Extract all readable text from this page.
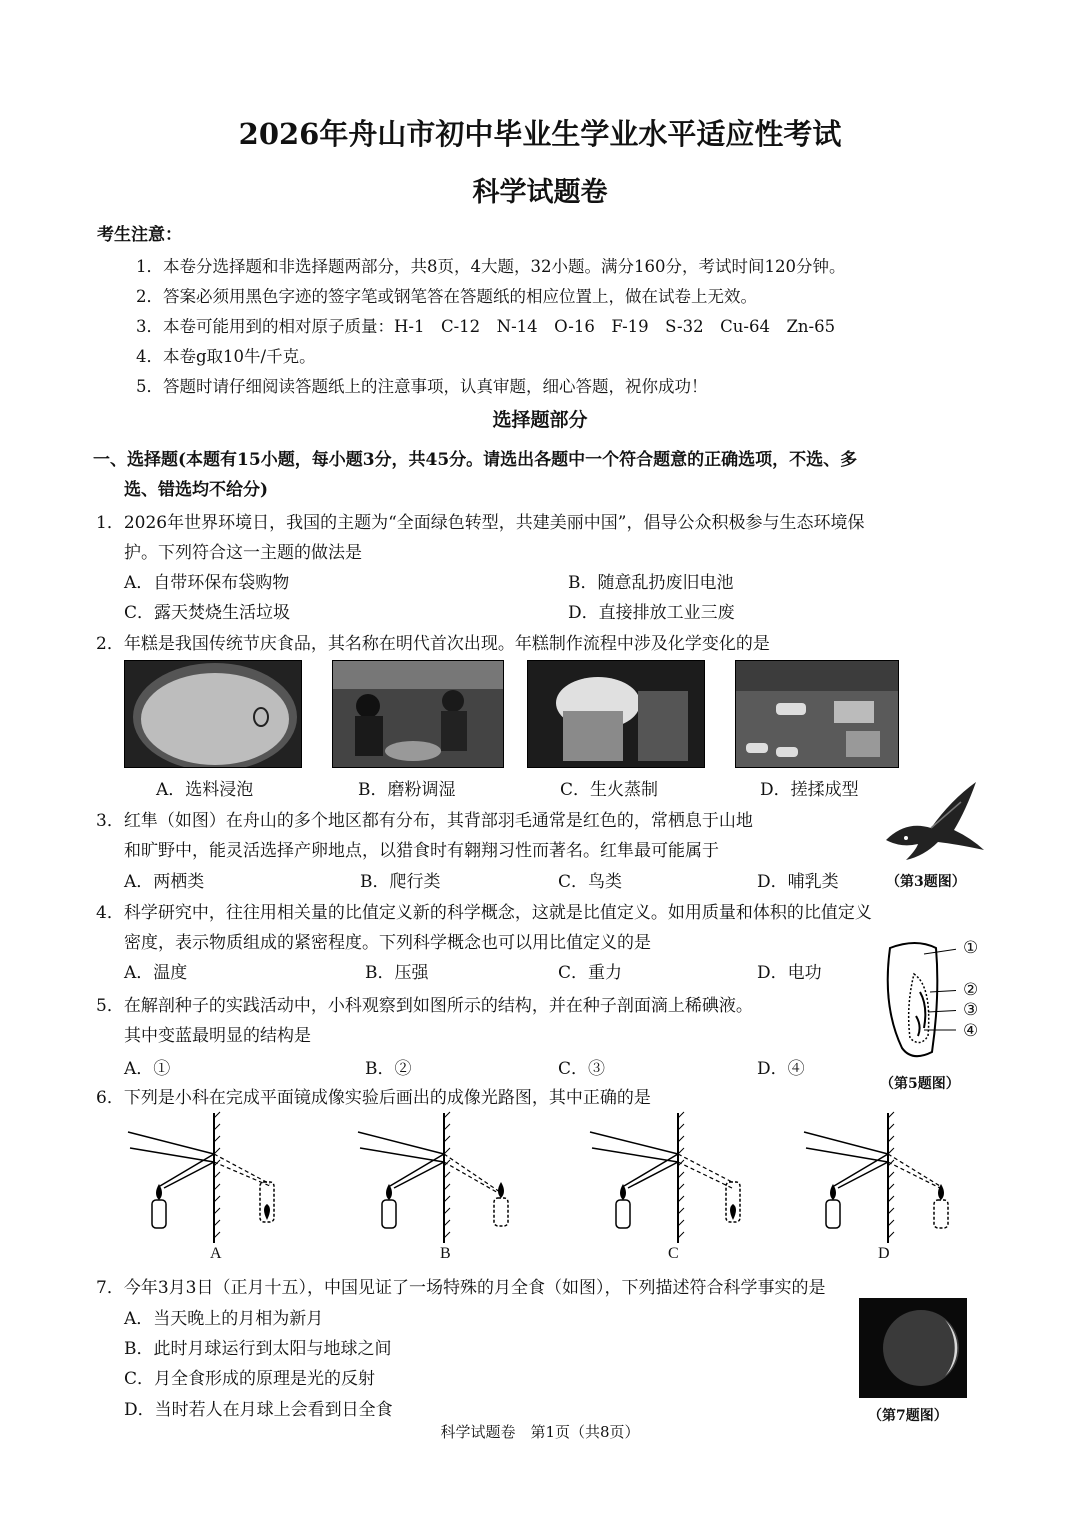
2026年舟山市初中毕业生学业水平适应性考试
科学试题卷
考生注意：
1．本卷分选择题和非选择题两部分，共8页，4大题，32小题。满分160分，考试时间120分钟。
2．答案必须用黑色字迹的签字笔或钢笔答在答题纸的相应位置上，做在试卷上无效。
3．本卷可能用到的相对原子质量：H-1　C-12　N-14　O-16　F-19　S-32　Cu-64　Zn-65
4．本卷g取10牛/千克。
5．答题时请仔细阅读答题纸上的注意事项，认真审题，细心答题，祝你成功！
选择题部分
一、选择题(本题有15小题，每小题3分，共45分。请选出各题中一个符合题意的正确选项，不选、多
选、错选均不给分)
1．2026年世界环境日，我国的主题为“全面绿色转型，共建美丽中国”，倡导公众积极参与生态环境保
护。下列符合这一主题的做法是
A．自带环保布袋购物	B．随意乱扔废旧电池
C．露天焚烧生活垃圾	D．直接排放工业三废
2．年糕是我国传统节庆食品，其名称在明代首次出现。年糕制作流程中涉及化学变化的是
A．选料浸泡	B．磨粉调湿	C．生火蒸制	D．搓揉成型
3．红隼（如图）在舟山的多个地区都有分布，其背部羽毛通常是红色的，常栖息于山地
和旷野中，能灵活选择产卵地点，以猎食时有翱翔习性而著名。红隼最可能属于
A．两栖类	B．爬行类	C．鸟类	D．哺乳类	（第3题图）
4．科学研究中，往往用相关量的比值定义新的科学概念，这就是比值定义。如用质量和体积的比值定义
密度，表示物质组成的紧密程度。下列科学概念也可以用比值定义的是
A．温度	B．压强	C．重力	D．电功
5．在解剖种子的实践活动中，小科观察到如图所示的结构，并在种子剖面滴上稀碘液。
其中变蓝最明显的结构是
A．①	B．②	C．③	D．④
①
②
③
④
（第5题图）
6．下列是小科在完成平面镜成像实验后画出的成像光路图，其中正确的是
A	B	C	D
7．今年3月3日（正月十五），中国见证了一场特殊的月全食（如图），下列描述符合科学事实的是
A．当天晚上的月相为新月
B．此时月球运行到太阳与地球之间
C．月全食形成的原理是光的反射
D．当时若人在月球上会看到日全食	（第7题图）
科学试题卷　第1页（共8页）
